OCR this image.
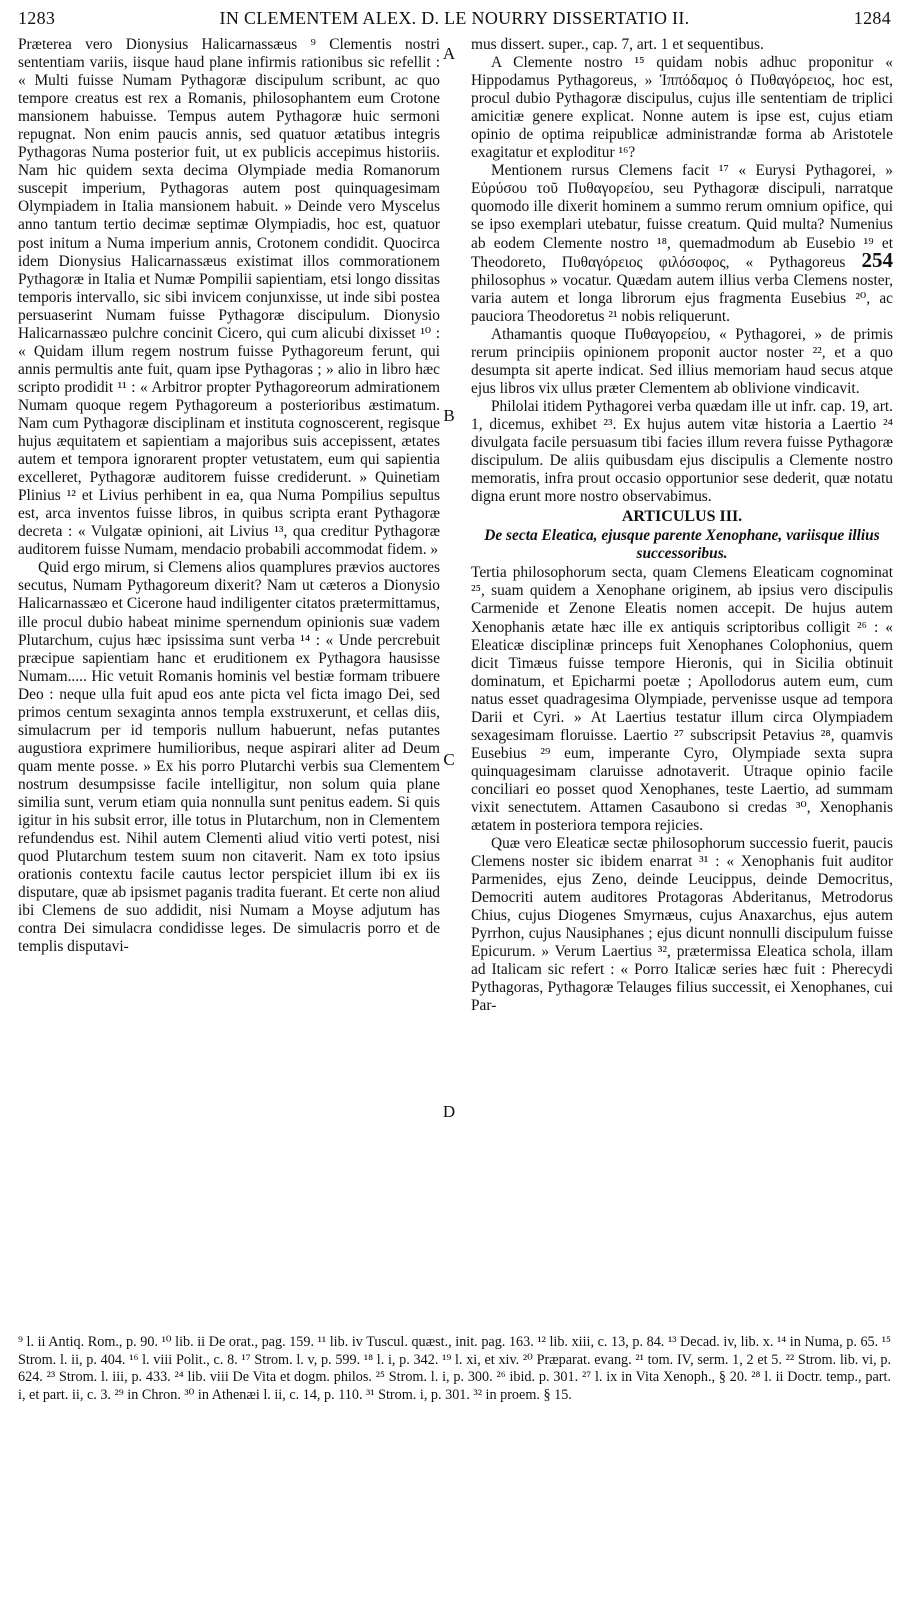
1283	IN CLEMENTEM ALEX. D. LE NOURRY DISSERTATIO II.	1284
A
B
C
D

Præterea vero Dionysius Halicarnassæus ⁹ Clementis nostri sententiam variis, iisque haud plane infirmis rationibus sic refellit : « Multi fuisse Numam Pythagoræ discipulum scribunt, ac quo tempore creatus est rex a Romanis, philosophantem eum Crotone mansionem habuisse. Tempus autem Pythagoræ huic sermoni repugnat. Non enim paucis annis, sed quatuor ætatibus integris Pythagoras Numa posterior fuit, ut ex publicis accepimus historiis. Nam hic quidem sexta decima Olympiade media Romanorum suscepit imperium, Pythagoras autem post quinquagesimam Olympiadem in Italia mansionem habuit. » Deinde vero Myscelus anno tantum tertio decimæ septimæ Olympiadis, hoc est, quatuor post initum a Numa imperium annis, Crotonem condidit. Quocirca idem Dionysius Halicarnassæus existimat illos commorationem Pythagoræ in Italia et Numæ Pompilii sapientiam, etsi longo dissitas temporis intervallo, sic sibi invicem conjunxisse, ut inde sibi postea persuaserint Numam fuisse Pythagoræ discipulum. Dionysio Halicarnassæo pulchre concinit Cicero, qui cum alicubi dixisset ¹⁰ : « Quidam illum regem nostrum fuisse Pythagoreum ferunt, qui annis permultis ante fuit, quam ipse Pythagoras ; » alio in libro hæc scripto prodidit ¹¹ : « Arbitror propter Pythagoreorum admirationem Numam quoque regem Pythagoreum a posterioribus æstimatum. Nam cum Pythagoræ disciplinam et instituta cognoscerent, regisque hujus æquitatem et sapientiam a majoribus suis accepissent, ætates autem et tempora ignorarent propter vetustatem, eum qui sapientia excelleret, Pythagoræ auditorem fuisse crediderunt. » Quinetiam Plinius ¹² et Livius perhibent in ea, qua Numa Pompilius sepultus est, arca inventos fuisse libros, in quibus scripta erant Pythagoræ decreta : « Vulgatæ opinioni, ait Livius ¹³, qua creditur Pythagoræ auditorem fuisse Numam, mendacio probabili accommodat fidem. »

Quid ergo mirum, si Clemens alios quamplures prævios auctores secutus, Numam Pythagoreum dixerit? Nam ut cæteros a Dionysio Halicarnassæo et Cicerone haud indiligenter citatos prætermittamus, ille procul dubio habeat minime spernendum opinionis suæ vadem Plutarchum, cujus hæc ipsissima sunt verba ¹⁴ : « Unde percrebuit præcipue sapientiam hanc et eruditionem ex Pythagora hausisse Numam..... Hic vetuit Romanis hominis vel bestiæ formam tribuere Deo : neque ulla fuit apud eos ante picta vel ficta imago Dei, sed primos centum sexaginta annos templa exstruxerunt, et cellas diis, simulacrum per id temporis nullum habuerunt, nefas putantes augustiora exprimere humilioribus, neque aspirari aliter ad Deum quam mente posse. » Ex his porro Plutarchi verbis sua Clementem nostrum desumpsisse facile intelligitur, non solum quia plane similia sunt, verum etiam quia nonnulla sunt penitus eadem. Si quis igitur in his subsit error, ille totus in Plutarchum, non in Clementem refundendus est. Nihil autem Clementi aliud vitio verti potest, nisi quod Plutarchum testem suum non citaverit. Nam ex toto ipsius orationis contextu facile cautus lector perspiciet illum ibi ex iis disputare, quæ ab ipsismet paganis tradita fuerant. Et certe non aliud ibi Clemens de suo addidit, nisi Numam a Moyse adjutum has contra Dei simulacra condidisse leges. De simulacris porro et de templis disputavi-

mus dissert. super., cap. 7, art. 1 et sequentibus.

A Clemente nostro ¹⁵ quidam nobis adhuc proponitur « Hippodamus Pythagoreus, » Ἱππόδαμος ὁ Πυθαγόρειος, hoc est, procul dubio Pythagoræ discipulus, cujus ille sententiam de triplici amicitiæ genere explicat. Nonne autem is ipse est, cujus etiam opinio de optima reipublicæ administrandæ forma ab Aristotele exagitatur et exploditur ¹⁶?

Mentionem rursus Clemens facit ¹⁷ « Eurysi Pythagorei, » Εὐρύσου τοῦ Πυθαγορείου, seu Pythagoræ discipuli, narratque quomodo ille dixerit hominem a summo rerum omnium opifice, qui se ipso exemplari utebatur, fuisse creatum. Quid multa? Numenius ab eodem Clemente nostro ¹⁸, quemadmodum ab Eusebio ¹⁹ et Theodoreto, Πυθαγόρειος φιλόσοφος, « Pythagoreus 254 philosophus » vocatur. Quædam autem illius verba Clemens noster, varia autem et longa librorum ejus fragmenta Eusebius ²⁰, ac pauciora Theodoretus ²¹ nobis reliquerunt.

Athamantis quoque Πυθαγορείου, « Pythagorei, » de primis rerum principiis opinionem proponit auctor noster ²², et a quo desumpta sit aperte indicat. Sed illius memoriam haud secus atque ejus libros vix ullus præter Clementem ab oblivione vindicavit.

Philolai itidem Pythagorei verba quædam ille ut infr. cap. 19, art. 1, dicemus, exhibet ²³. Ex hujus autem vitæ historia a Laertio ²⁴ divulgata facile persuasum tibi facies illum revera fuisse Pythagoræ discipulum. De aliis quibusdam ejus discipulis a Clemente nostro memoratis, infra prout occasio opportunior sese dederit, quæ notatu digna erunt more nostro observabimus.

ARTICULUS III.
De secta Eleatica, ejusque parente Xenophane, variisque illius successoribus.

Tertia philosophorum secta, quam Clemens Eleaticam cognominat ²⁵, suam quidem a Xenophane originem, ab ipsius vero discipulis Carmenide et Zenone Eleatis nomen accepit. De hujus autem Xenophanis ætate hæc ille ex antiquis scriptoribus colligit ²⁶ : « Eleaticæ disciplinæ princeps fuit Xenophanes Colophonius, quem dicit Timæus fuisse tempore Hieronis, qui in Sicilia obtinuit dominatum, et Epicharmi poetæ ; Apollodorus autem eum, cum natus esset quadragesima Olympiade, pervenisse usque ad tempora Darii et Cyri. » At Laertius testatur illum circa Olympiadem sexagesimam floruisse. Laertio ²⁷ subscripsit Petavius ²⁸, quamvis Eusebius ²⁹ eum, imperante Cyro, Olympiade sexta supra quinquagesimam claruisse adnotaverit. Utraque opinio facile conciliari eo posset quod Xenophanes, teste Laertio, ad summam vixit senectutem. Attamen Casaubono si credas ³⁰, Xenophanis ætatem in posteriora tempora rejicies.

Quæ vero Eleaticæ sectæ philosophorum successio fuerit, paucis Clemens noster sic ibidem enarrat ³¹ : « Xenophanis fuit auditor Parmenides, ejus Zeno, deinde Leucippus, deinde Democritus, Democriti autem auditores Protagoras Abderitanus, Metrodorus Chius, cujus Diogenes Smyrnæus, cujus Anaxarchus, ejus autem Pyrrhon, cujus Nausiphanes ; ejus dicunt nonnulli discipulum fuisse Epicurum. » Verum Laertius ³², prætermissa Eleatica schola, illam ad Italicam sic refert : « Porro Italicæ series hæc fuit : Pherecydi Pythagoras, Pythagoræ Telauges filius successit, ei Xenophanes, cui Par-

⁹ l. ii Antiq. Rom., p. 90. ¹⁰ lib. ii De orat., pag. 159. ¹¹ lib. iv Tuscul. quæst., init. pag. 163. ¹² lib. xiii, c. 13, p. 84. ¹³ Decad. iv, lib. x. ¹⁴ in Numa, p. 65. ¹⁵ Strom. l. ii, p. 404. ¹⁶ l. viii Polit., c. 8. ¹⁷ Strom. l. v, p. 599. ¹⁸ l. i, p. 342. ¹⁹ l. xi, et xiv. ²⁰ Præparat. evang. ²¹ tom. IV, serm. 1, 2 et 5. ²² Strom. lib. vi, p. 624. ²³ Strom. l. iii, p. 433. ²⁴ lib. viii De Vita et dogm. philos. ²⁵ Strom. l. i, p. 300. ²⁶ ibid. p. 301. ²⁷ l. ix in Vita Xenoph., § 20. ²⁸ l. ii Doctr. temp., part. i, et part. ii, c. 3. ²⁹ in Chron. ³⁰ in Athenæi l. ii, c. 14, p. 110. ³¹ Strom. i, p. 301. ³² in proem. § 15.
